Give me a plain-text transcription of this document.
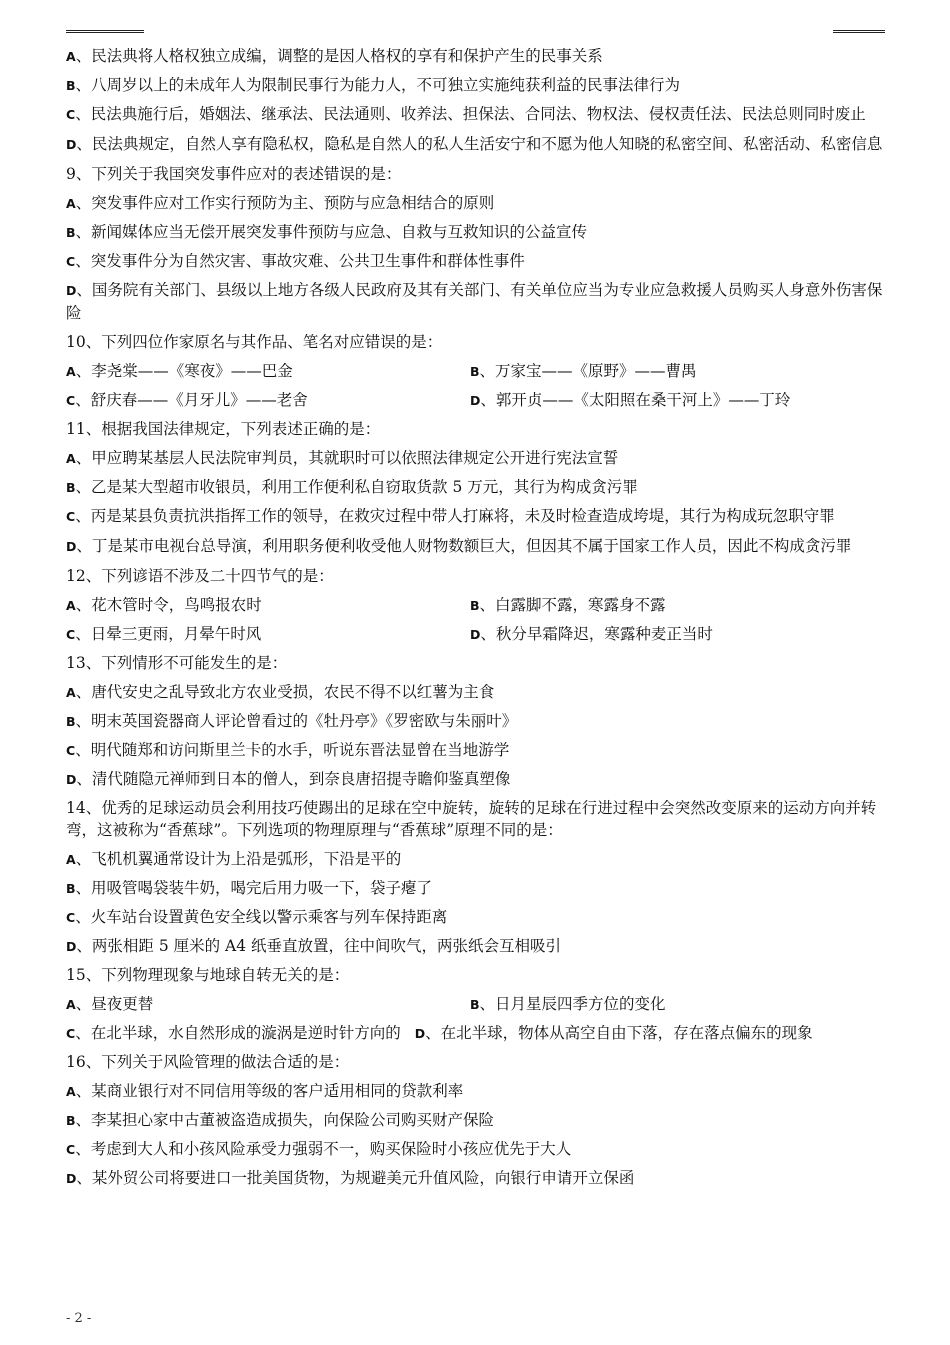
A、民法典将人格权独立成编，调整的是因人格权的享有和保护产生的民事关系
B、八周岁以上的未成年人为限制民事行为能力人，不可独立实施纯获利益的民事法律行为
C、民法典施行后，婚姻法、继承法、民法通则、收养法、担保法、合同法、物权法、侵权责任法、民法总则同时废止
D、民法典规定，自然人享有隐私权，隐私是自然人的私人生活安宁和不愿为他人知晓的私密空间、私密活动、私密信息
9、下列关于我国突发事件应对的表述错误的是：
A、突发事件应对工作实行预防为主、预防与应急相结合的原则
B、新闻媒体应当无偿开展突发事件预防与应急、自救与互救知识的公益宣传
C、突发事件分为自然灾害、事故灾难、公共卫生事件和群体性事件
D、国务院有关部门、县级以上地方各级人民政府及其有关部门、有关单位应当为专业应急救援人员购买人身意外伤害保险
10、下列四位作家原名与其作品、笔名对应错误的是：
A、李尧棠——《寒夜》——巴金	B、万家宝——《原野》——曹禺
C、舒庆春——《月牙儿》——老舍	D、郭开贞——《太阳照在桑干河上》——丁玲
11、根据我国法律规定，下列表述正确的是：
A、甲应聘某基层人民法院审判员，其就职时可以依照法律规定公开进行宪法宣誓
B、乙是某大型超市收银员，利用工作便利私自窃取货款 5 万元，其行为构成贪污罪
C、丙是某县负责抗洪指挥工作的领导，在救灾过程中带人打麻将，未及时检查造成垮堤，其行为构成玩忽职守罪
D、丁是某市电视台总导演，利用职务便利收受他人财物数额巨大，但因其不属于国家工作人员，因此不构成贪污罪
12、下列谚语不涉及二十四节气的是：
A、花木管时令，鸟鸣报农时	B、白露脚不露，寒露身不露
C、日晕三更雨，月晕午时风	D、秋分早霜降迟，寒露种麦正当时
13、下列情形不可能发生的是：
A、唐代安史之乱导致北方农业受损，农民不得不以红薯为主食
B、明末英国瓷器商人评论曾看过的《牡丹亭》《罗密欧与朱丽叶》
C、明代随郑和访问斯里兰卡的水手，听说东晋法显曾在当地游学
D、清代随隐元禅师到日本的僧人，到奈良唐招提寺瞻仰鉴真塑像
14、优秀的足球运动员会利用技巧使踢出的足球在空中旋转，旋转的足球在行进过程中会突然改变原来的运动方向并转弯，这被称为“香蕉球”。下列选项的物理原理与“香蕉球”原理不同的是：
A、飞机机翼通常设计为上沿是弧形，下沿是平的
B、用吸管喝袋装牛奶，喝完后用力吸一下，袋子瘪了
C、火车站台设置黄色安全线以警示乘客与列车保持距离
D、两张相距 5 厘米的 A4 纸垂直放置，往中间吹气，两张纸会互相吸引
15、下列物理现象与地球自转无关的是：
A、昼夜更替	B、日月星辰四季方位的变化
C、在北半球，水自然形成的漩涡是逆时针方向的 D、在北半球，物体从高空自由下落，存在落点偏东的现象
16、下列关于风险管理的做法合适的是：
A、某商业银行对不同信用等级的客户适用相同的贷款利率
B、李某担心家中古董被盗造成损失，向保险公司购买财产保险
C、考虑到大人和小孩风险承受力强弱不一，购买保险时小孩应优先于大人
D、某外贸公司将要进口一批美国货物，为规避美元升值风险，向银行申请开立保函
- 2 -
